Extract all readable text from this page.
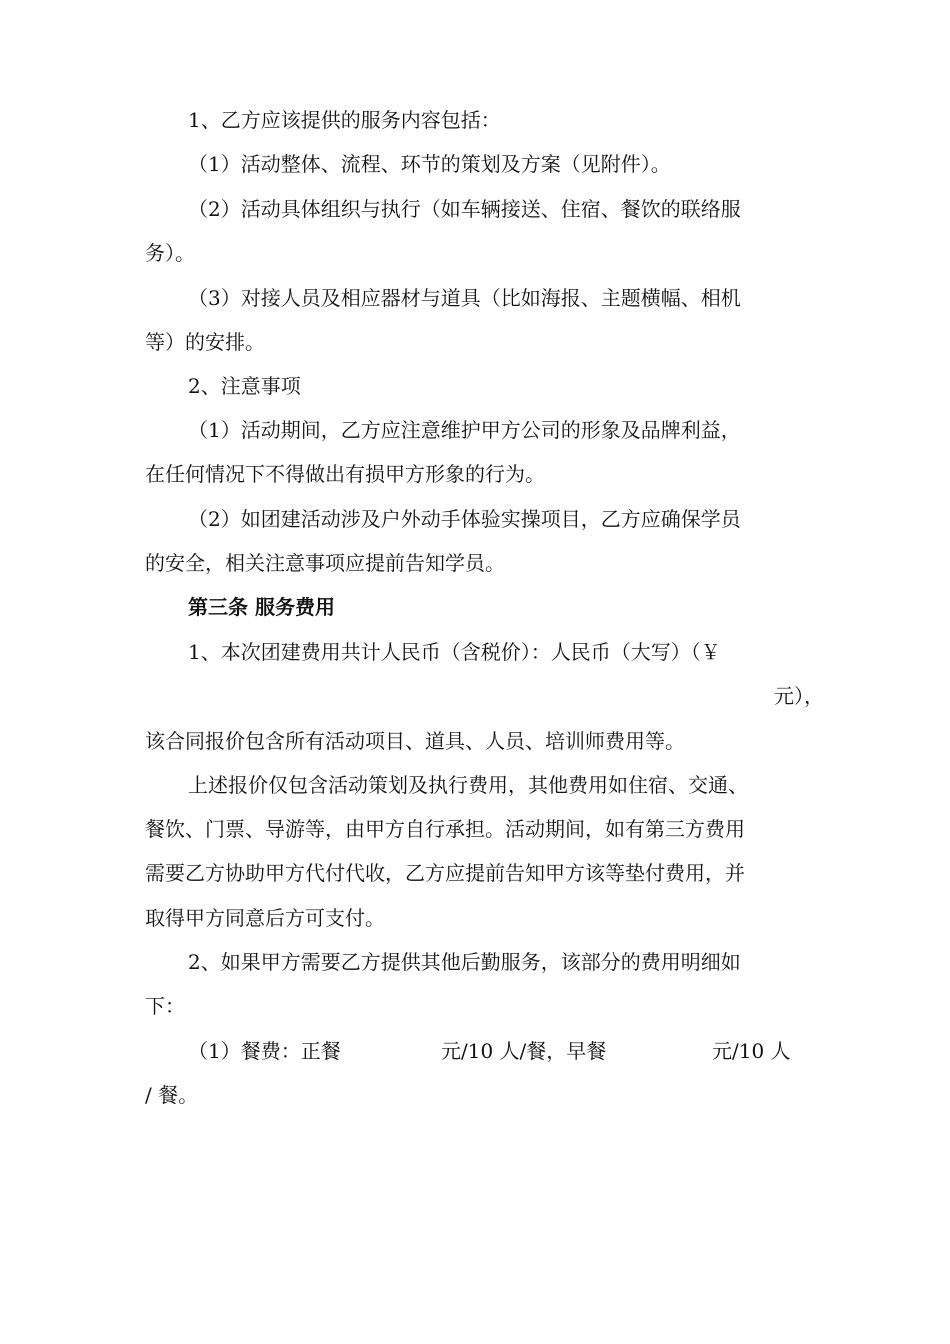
1、乙方应该提供的服务内容包括：
（1）活动整体、流程、环节的策划及方案（见附件）。
（2）活动具体组织与执行（如车辆接送、住宿、餐饮的联络服
务）。
（3）对接人员及相应器材与道具（比如海报、主题横幅、相机
等）的安排。
2、注意事项
（1）活动期间，乙方应注意维护甲方公司的形象及品牌利益，
在任何情况下不得做出有损甲方形象的行为。
（2）如团建活动涉及户外动手体验实操项目，乙方应确保学员
的安全，相关注意事项应提前告知学员。
第三条 服务费用
1、本次团建费用共计人民币（含税价）：人民币（大写）（￥
元），
该合同报价包含所有活动项目、道具、人员、培训师费用等。
上述报价仅包含活动策划及执行费用，其他费用如住宿、交通、
餐饮、门票、导游等，由甲方自行承担。活动期间，如有第三方费用
需要乙方协助甲方代付代收，乙方应提前告知甲方该等垫付费用，并
取得甲方同意后方可支付。
2、如果甲方需要乙方提供其他后勤服务，该部分的费用明细如
下：
（1）餐费：正餐	元/10 人/餐，早餐	元/10 人
/ 餐。
